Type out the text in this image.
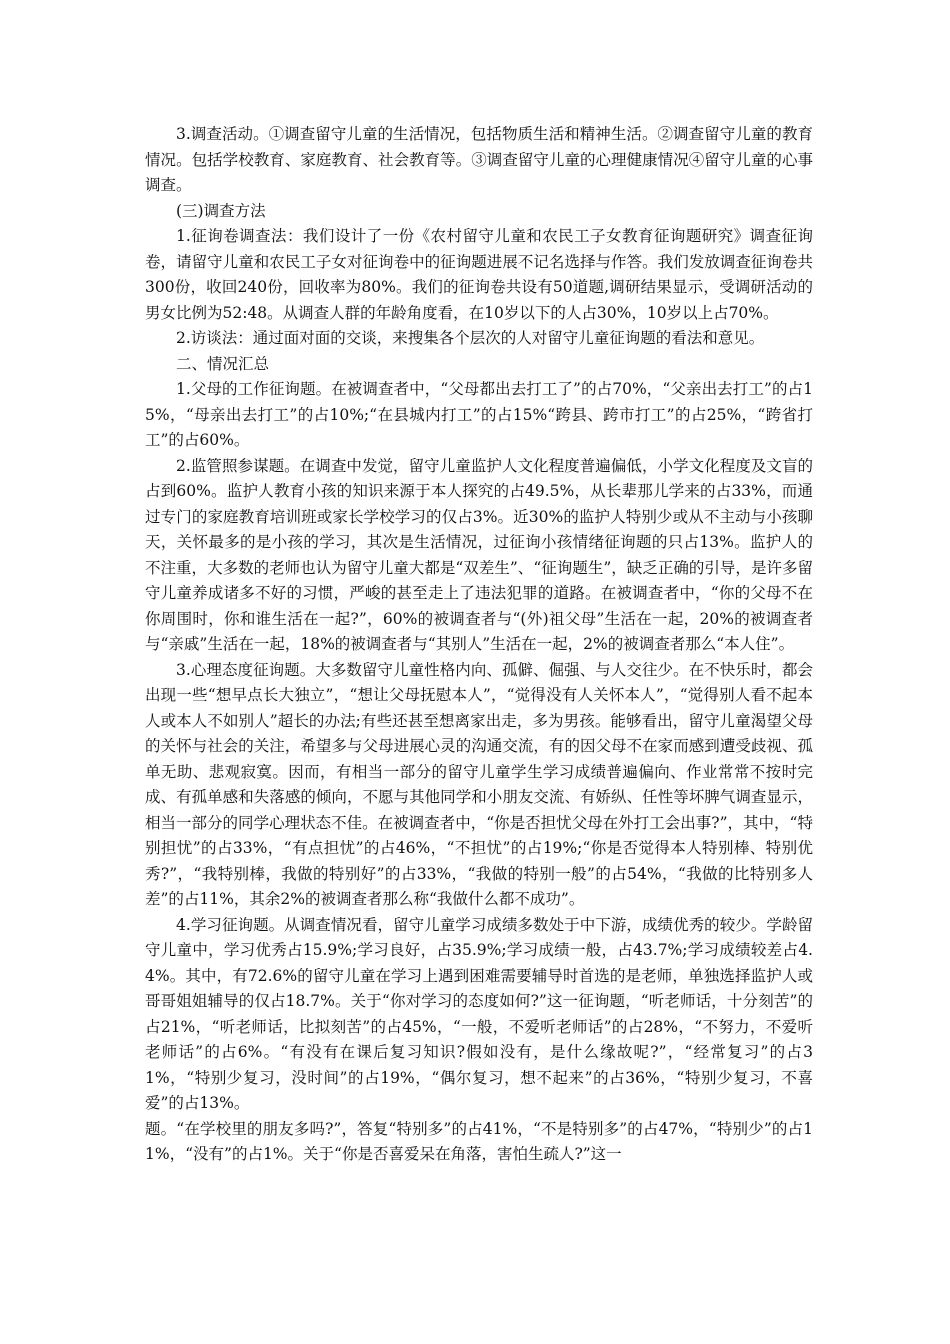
3.调查活动。①调查留守儿童的生活情况，包括物质生活和精神生活。②调查留守儿童的教育情况。包括学校教育、家庭教育、社会教育等。③调查留守儿童的心理健康情况④留守儿童的心事调查。

(三)调查方法

1.征询卷调查法：我们设计了一份《农村留守儿童和农民工子女教育征询题研究》调查征询卷，请留守儿童和农民工子女对征询卷中的征询题进展不记名选择与作答。我们发放调查征询卷共300份，收回240份，回收率为80%。我们的征询卷共设有50道题,调研结果显示，受调研活动的男女比例为52:48。从调查人群的年龄角度看，在10岁以下的人占30%，10岁以上占70%。

2.访谈法：通过面对面的交谈，来搜集各个层次的人对留守儿童征询题的看法和意见。

二、情况汇总

1.父母的工作征询题。在被调查者中，“父母都出去打工了”的占70%，“父亲出去打工”的占15%，“母亲出去打工”的占10%;“在县城内打工”的占15%“跨县、跨市打工”的占25%，“跨省打工”的占60%。

2.监管照参谋题。在调查中发觉，留守儿童监护人文化程度普遍偏低，小学文化程度及文盲的占到60%。监护人教育小孩的知识来源于本人探究的占49.5%，从长辈那儿学来的占33%，而通过专门的家庭教育培训班或家长学校学习的仅占3%。近30%的监护人特别少或从不主动与小孩聊天，关怀最多的是小孩的学习，其次是生活情况，过征询小孩情绪征询题的只占13%。监护人的不注重，大多数的老师也认为留守儿童大都是“双差生”、“征询题生”，缺乏正确的引导，是许多留守儿童养成诸多不好的习惯，严峻的甚至走上了违法犯罪的道路。在被调查者中，“你的父母不在你周围时，你和谁生活在一起?”，60%的被调查者与“(外)祖父母”生活在一起，20%的被调查者与“亲戚”生活在一起，18%的被调查者与“其别人”生活在一起，2%的被调查者那么“本人住”。

3.心理态度征询题。大多数留守儿童性格内向、孤僻、倔强、与人交往少。在不快乐时，都会出现一些“想早点长大独立”，“想让父母抚慰本人”，“觉得没有人关怀本人”，“觉得别人看不起本人或本人不如别人”超长的办法;有些还甚至想离家出走，多为男孩。能够看出，留守儿童渴望父母的关怀与社会的关注，希望多与父母进展心灵的沟通交流，有的因父母不在家而感到遭受歧视、孤单无助、悲观寂寞。因而，有相当一部分的留守儿童学生学习成绩普遍偏向、作业常常不按时完成、有孤单感和失落感的倾向，不愿与其他同学和小朋友交流、有娇纵、任性等坏脾气调查显示，相当一部分的同学心理状态不佳。在被调查者中，“你是否担忧父母在外打工会出事?”，其中，“特别担忧”的占33%，“有点担忧”的占46%，“不担忧”的占19%;“你是否觉得本人特别棒、特别优秀?”，“我特别棒，我做的特别好”的占33%，“我做的特别一般”的占54%，“我做的比特别多人差”的占11%，其余2%的被调查者那么称“我做什么都不成功”。

4.学习征询题。从调查情况看，留守儿童学习成绩多数处于中下游，成绩优秀的较少。学龄留守儿童中，学习优秀占15.9%;学习良好，占35.9%;学习成绩一般，占43.7%;学习成绩较差占4.4%。其中，有72.6%的留守儿童在学习上遇到困难需要辅导时首选的是老师，单独选择监护人或哥哥姐姐辅导的仅占18.7%。关于“你对学习的态度如何?”这一征询题，“听老师话，十分刻苦”的占21%，“听老师话，比拟刻苦”的占45%，“一般，不爱听老师话”的占28%，“不努力，不爱听老师话”的占6%。“有没有在课后复习知识?假如没有，是什么缘故呢?”，“经常复习”的占31%，“特别少复习，没时间”的占19%，“偶尔复习，想不起来”的占36%，“特别少复习，不喜爱”的占13%。

题。“在学校里的朋友多吗?”，答复“特别多”的占41%，“不是特别多”的占47%，“特别少”的占11%，“没有”的占1%。关于“你是否喜爱呆在角落，害怕生疏人?”这一
